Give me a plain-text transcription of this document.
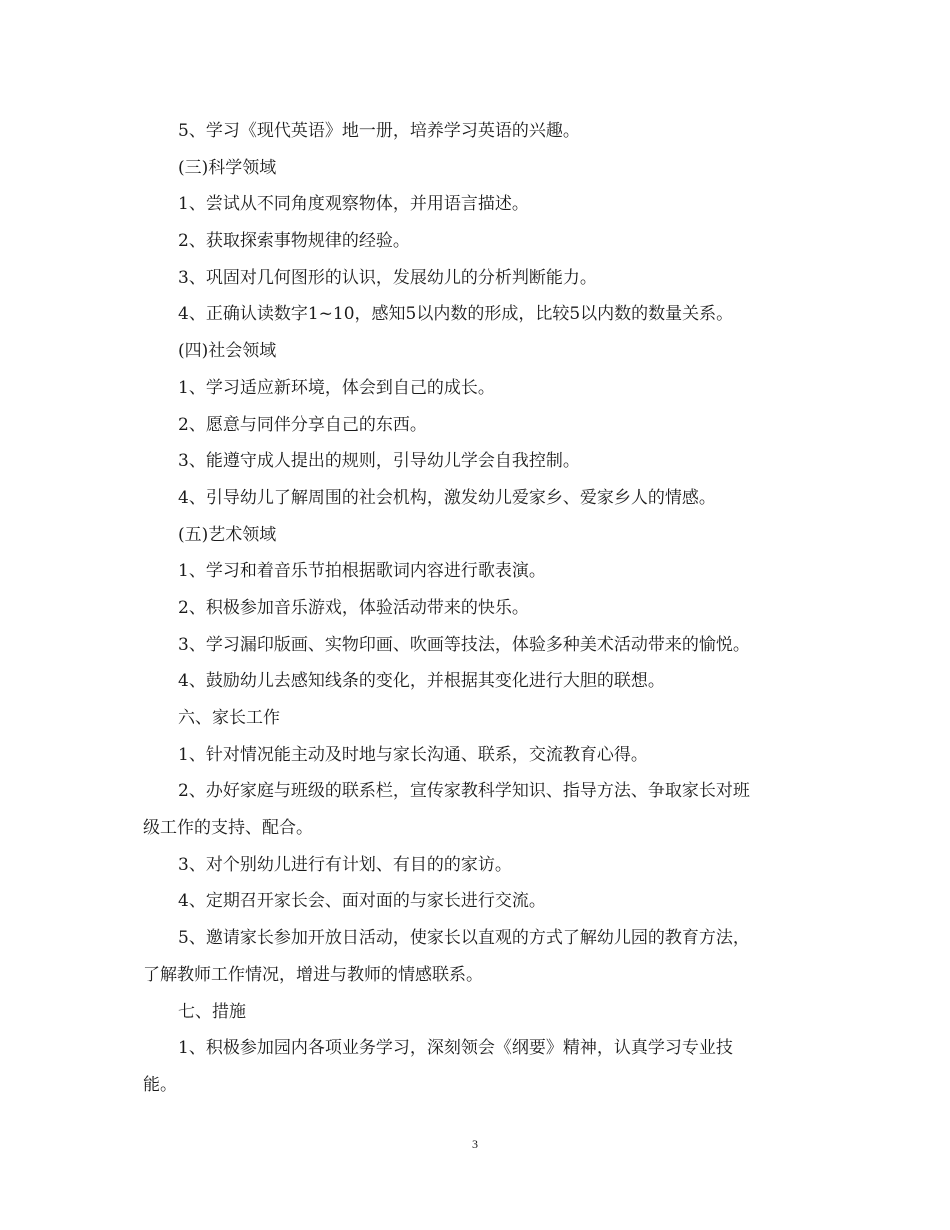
5、学习《现代英语》地一册，培养学习英语的兴趣。
(三)科学领域
1、尝试从不同角度观察物体，并用语言描述。
2、获取探索事物规律的经验。
3、巩固对几何图形的认识，发展幼儿的分析判断能力。
4、正确认读数字1~10，感知5以内数的形成，比较5以内数的数量关系。
(四)社会领域
1、学习适应新环境，体会到自己的成长。
2、愿意与同伴分享自己的东西。
3、能遵守成人提出的规则，引导幼儿学会自我控制。
4、引导幼儿了解周围的社会机构，激发幼儿爱家乡、爱家乡人的情感。
(五)艺术领域
1、学习和着音乐节拍根据歌词内容进行歌表演。
2、积极参加音乐游戏，体验活动带来的快乐。
3、学习漏印版画、实物印画、吹画等技法，体验多种美术活动带来的愉悦。
4、鼓励幼儿去感知线条的变化，并根据其变化进行大胆的联想。
六、家长工作
1、针对情况能主动及时地与家长沟通、联系，交流教育心得。
2、办好家庭与班级的联系栏，宣传家教科学知识、指导方法、争取家长对班
级工作的支持、配合。
3、对个别幼儿进行有计划、有目的的家访。
4、定期召开家长会、面对面的与家长进行交流。
5、邀请家长参加开放日活动，使家长以直观的方式了解幼儿园的教育方法，
了解教师工作情况，增进与教师的情感联系。
七、措施
1、积极参加园内各项业务学习，深刻领会《纲要》精神，认真学习专业技
能。
3
